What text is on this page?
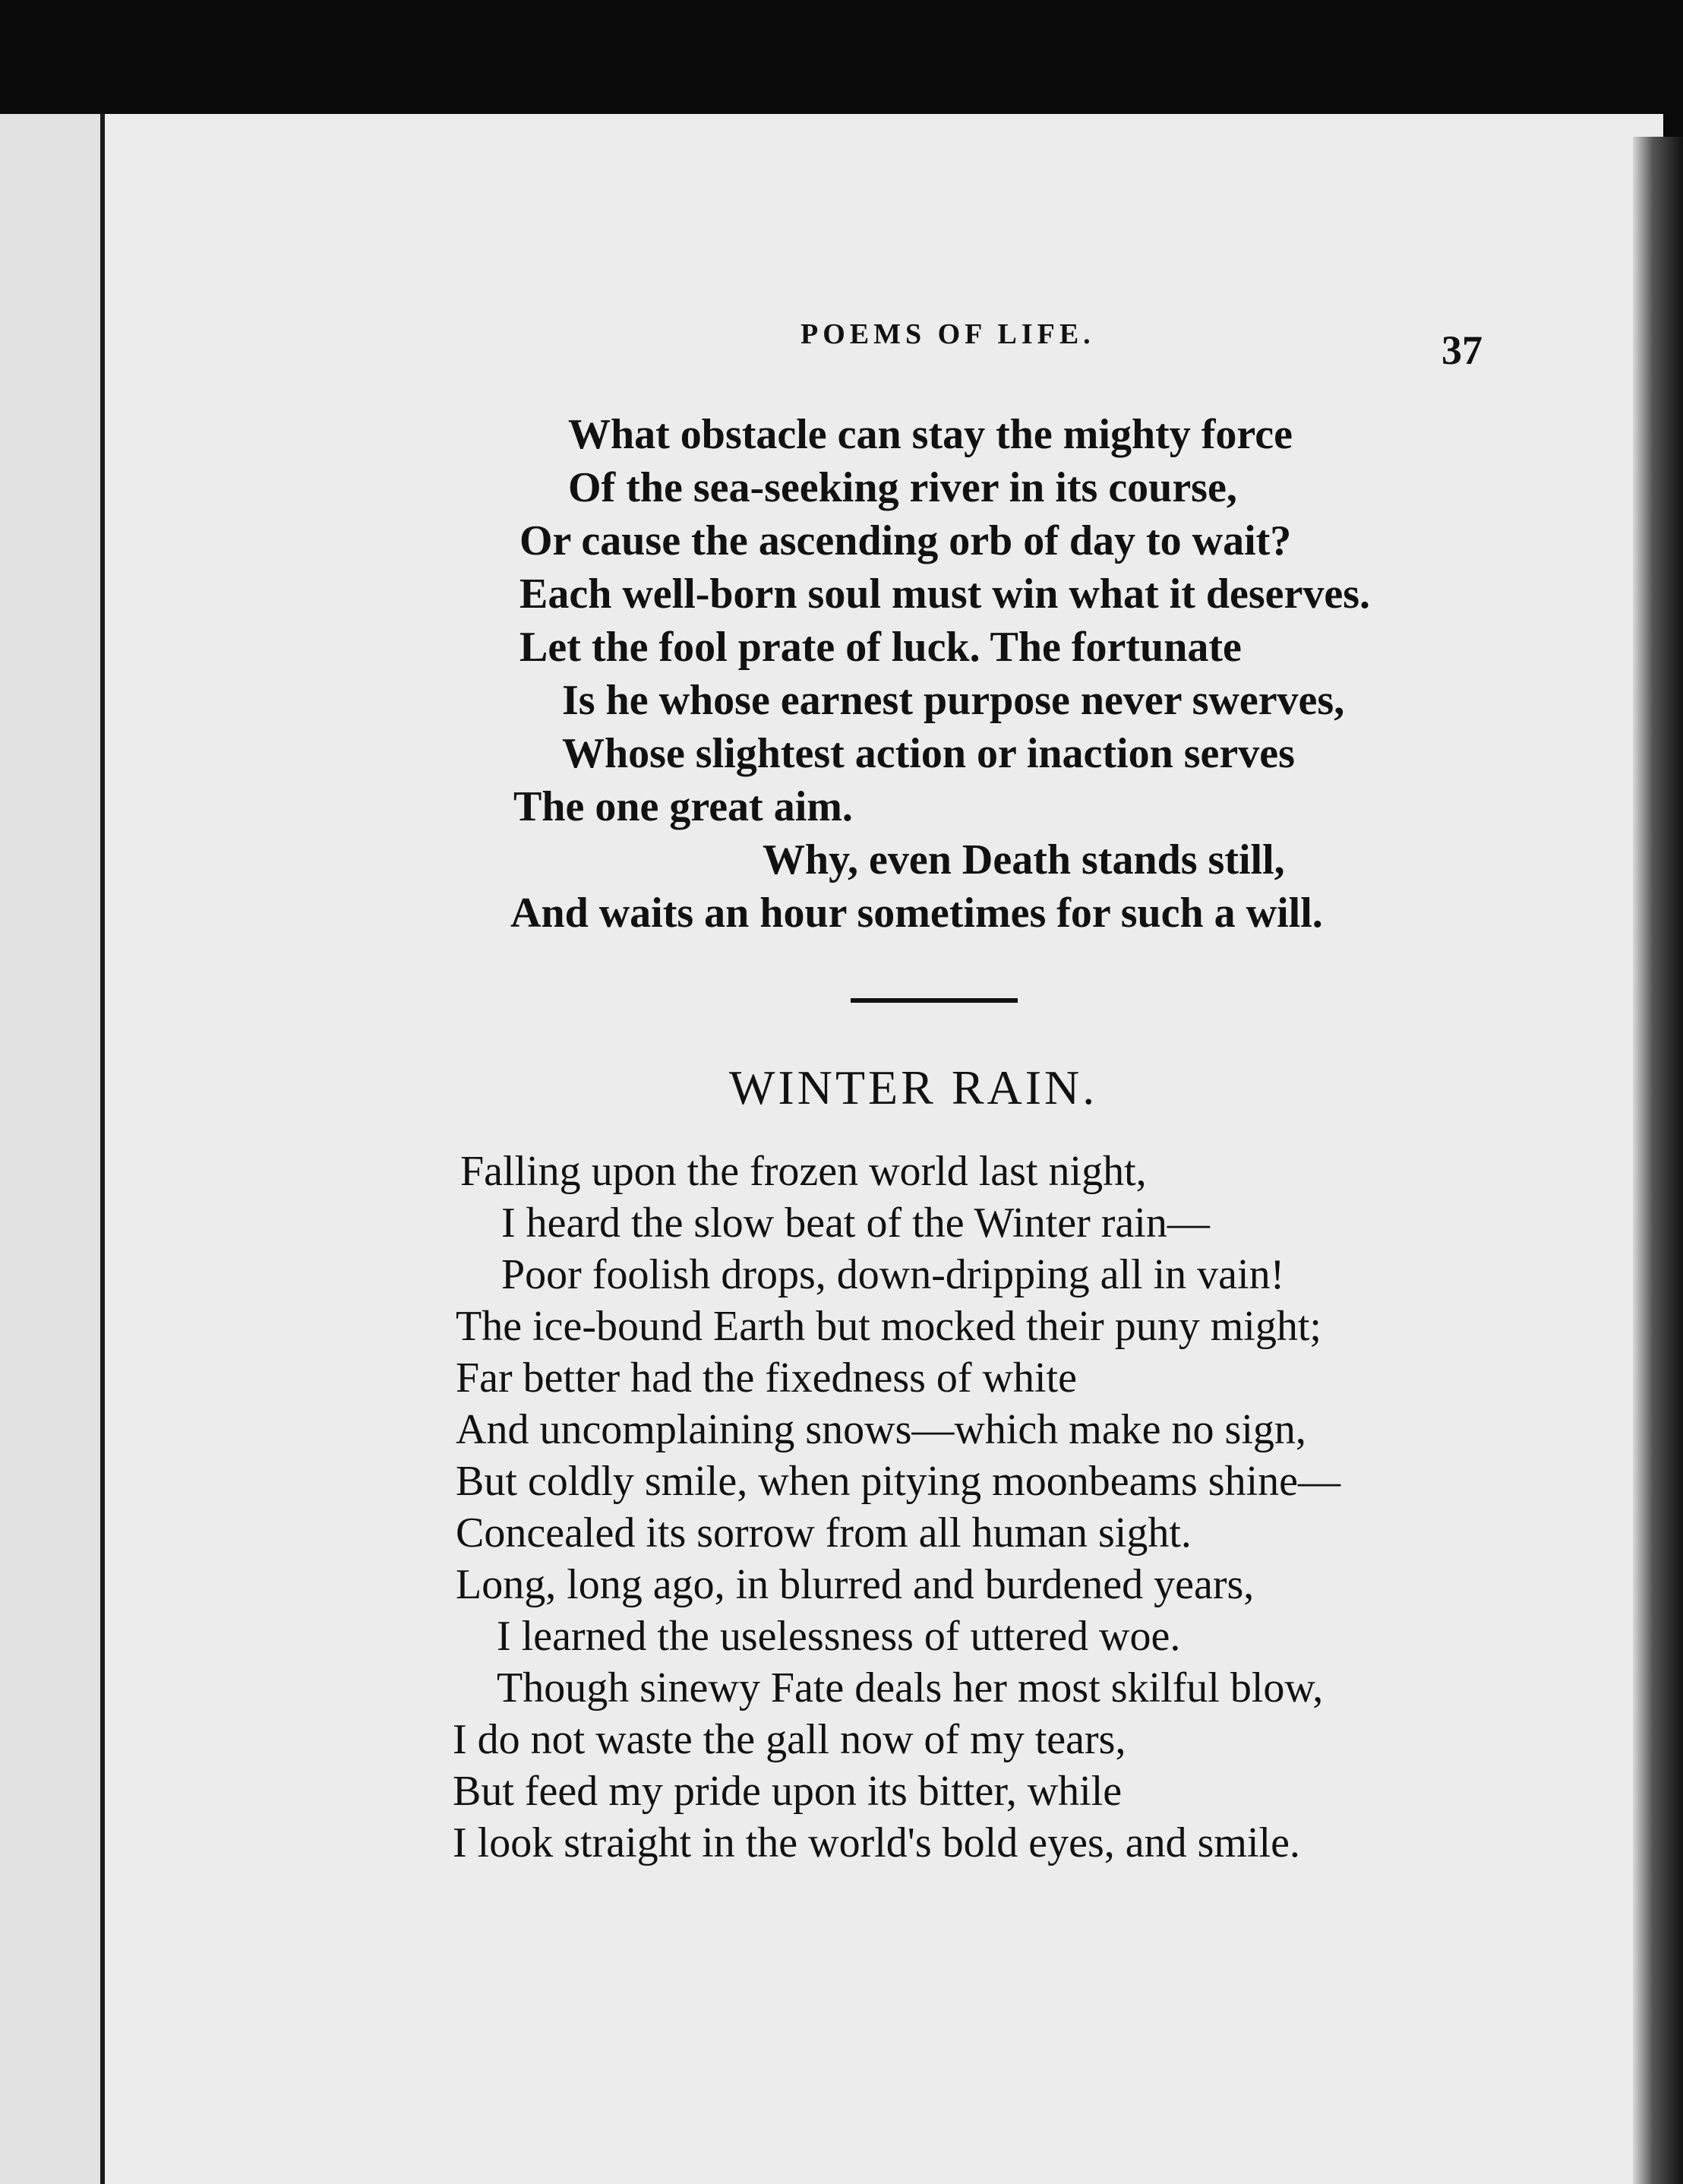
POEMS OF LIFE.	37
What obstacle can stay the mighty force
Of the sea-seeking river in its course,
Or cause the ascending orb of day to wait?
Each well-born soul must win what it deserves.
Let the fool prate of luck. The fortunate
Is he whose earnest purpose never swerves,
Whose slightest action or inaction serves
The one great aim.
Why, even Death stands still,
And waits an hour sometimes for such a will.
WINTER RAIN.
Falling upon the frozen world last night,
I heard the slow beat of the Winter rain—
Poor foolish drops, down-dripping all in vain!
The ice-bound Earth but mocked their puny might;
Far better had the fixedness of white
And uncomplaining snows—which make no sign,
But coldly smile, when pitying moonbeams shine—
Concealed its sorrow from all human sight.
Long, long ago, in blurred and burdened years,
I learned the uselessness of uttered woe.
Though sinewy Fate deals her most skilful blow,
I do not waste the gall now of my tears,
But feed my pride upon its bitter, while
I look straight in the world's bold eyes, and smile.
